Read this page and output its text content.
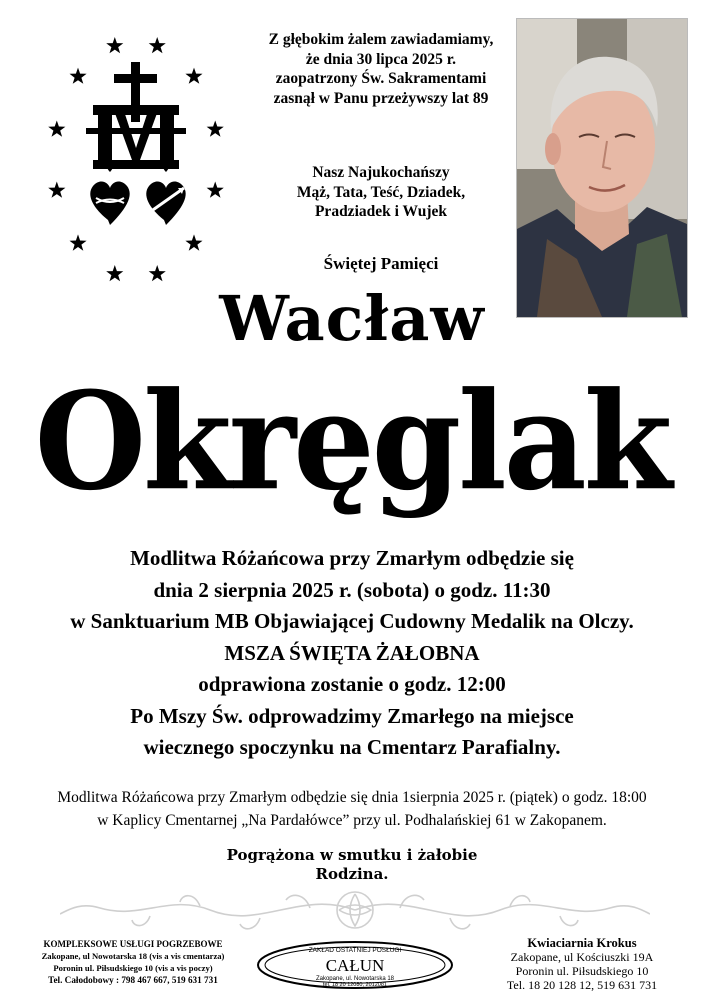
Z głębokim żalem zawiadamiamy,
że dnia 30 lipca 2025 r.
zaopatrzony Św. Sakramentami
zasnął w Panu przeżywszy lat 89
Nasz Najukochańszy
Mąż, Tata, Teść, Dziadek,
Pradziadek i Wujek
Świętej Pamięci
Wacław
Okręglak
Modlitwa Różańcowa przy Zmarłym odbędzie się
dnia 2 sierpnia 2025 r. (sobota) o godz. 11:30
w Sanktuarium MB Objawiającej Cudowny Medalik na Olczy.
MSZA ŚWIĘTA ŻAŁOBNA
odprawiona zostanie o godz. 12:00
Po Mszy Św. odprowadzimy Zmarłego na miejsce
wiecznego spoczynku na Cmentarz Parafialny.
Modlitwa Różańcowa przy Zmarłym odbędzie się dnia 1sierpnia 2025 r. (piątek) o godz. 18:00
w Kaplicy Cmentarnej „Na Pardałówce” przy ul. Podhalańskiej 61 w Zakopanem.
Pogrążona w smutku i żałobie
Rodzina.
KOMPLEKSOWE USŁUGI POGRZEBOWE
Zakopane, ul Nowotarska 18 (vis a vis cmentarza)
Poronin ul. Piłsudskiego 10 (vis a vis poczy)
Tel. Całodobowy : 798 467 667, 519 631 731
ZAKŁAD OSTATNIEJ POSŁUGI
CAŁUN
Zakopane, ul. Nowotarska 18
tel. 18 20 12080, 2012081
Kwiaciarnia Krokus
Zakopane, ul Kościuszki 19A
Poronin ul. Piłsudskiego 10
Tel. 18 20 128 12, 519 631 731
